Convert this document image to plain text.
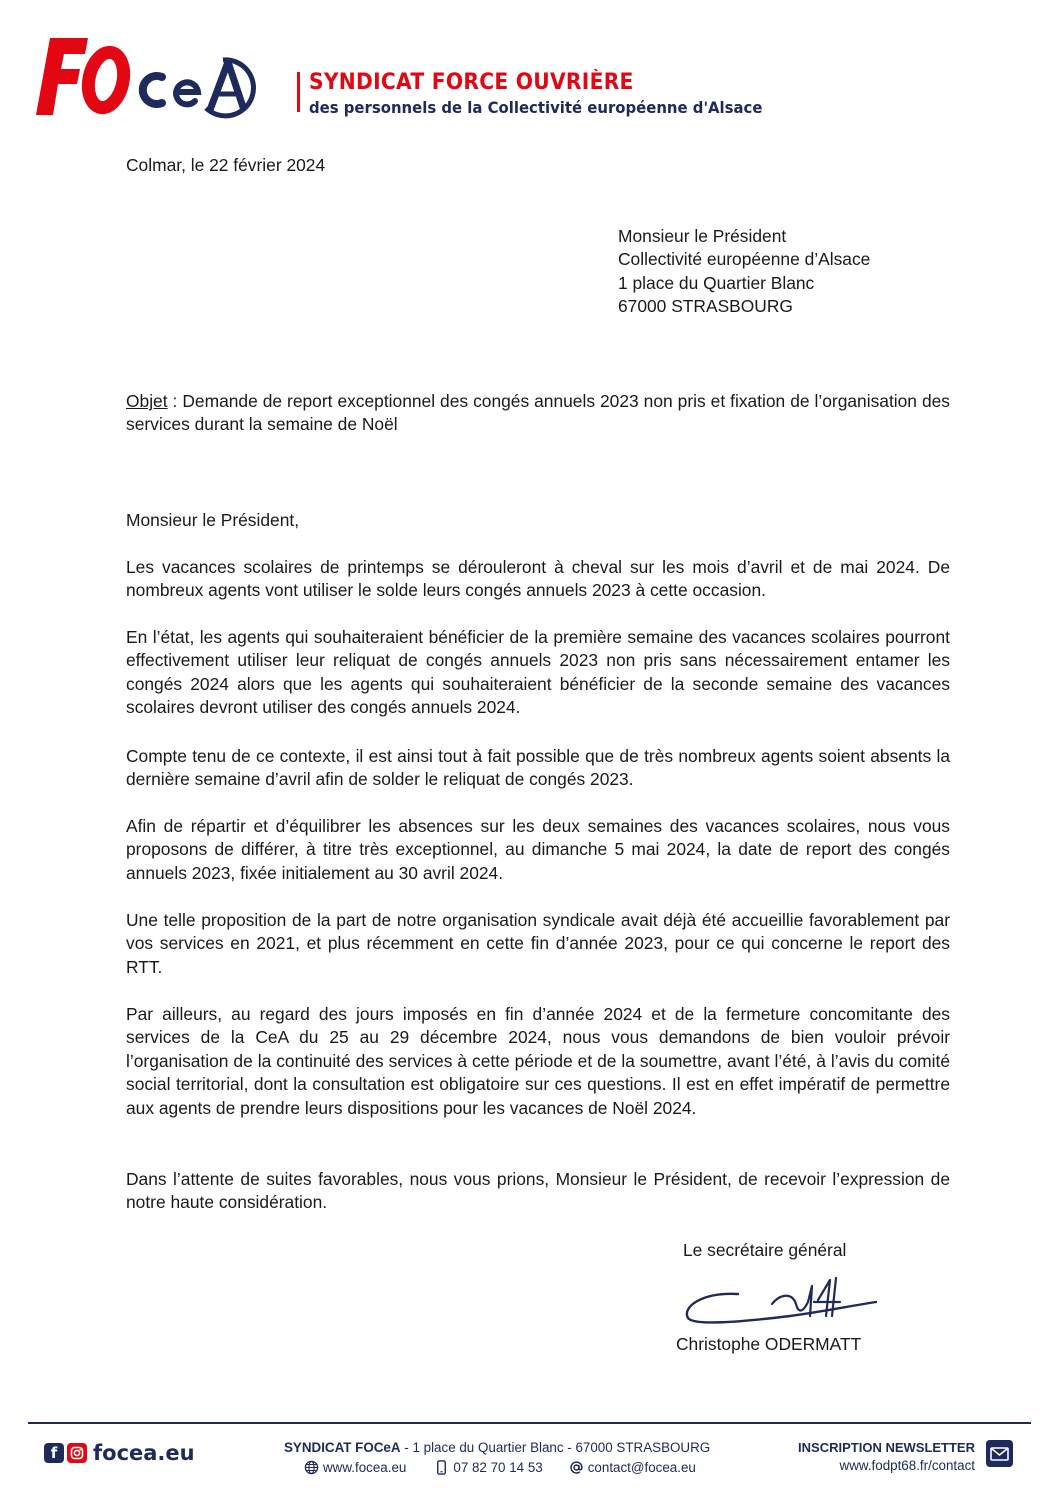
SYNDICAT FORCE OUVRIÈRE
des personnels de la Collectivité européenne d'Alsace
Colmar, le 22 février 2024
Monsieur le Président
Collectivité européenne d’Alsace
1 place du Quartier Blanc
67000 STRASBOURG
Objet : Demande de report exceptionnel des congés annuels 2023 non pris et fixation de l’organisation des services durant la semaine de Noël
Monsieur le Président,
Les vacances scolaires de printemps se dérouleront à cheval sur les mois d’avril et de mai 2024. De nombreux agents vont utiliser le solde leurs congés annuels 2023 à cette occasion.
En l’état, les agents qui souhaiteraient bénéficier de la première semaine des vacances scolaires pourront effectivement utiliser leur reliquat de congés annuels 2023 non pris sans nécessairement entamer les congés 2024 alors que les agents qui souhaiteraient bénéficier de la seconde semaine des vacances scolaires devront utiliser des congés annuels 2024.
Compte tenu de ce contexte, il est ainsi tout à fait possible que de très nombreux agents soient absents la dernière semaine d’avril afin de solder le reliquat de congés 2023.
Afin de répartir et d’équilibrer les absences sur les deux semaines des vacances scolaires, nous vous proposons de différer, à titre très exceptionnel, au dimanche 5 mai 2024, la date de report des congés annuels 2023, fixée initialement au 30 avril 2024.
Une telle proposition de la part de notre organisation syndicale avait déjà été accueillie favorablement par vos services en 2021, et plus récemment en cette fin d’année 2023, pour ce qui concerne le report des RTT.
Par ailleurs, au regard des jours imposés en fin d’année 2024 et de la fermeture concomitante des services de la CeA du 25 au 29 décembre 2024, nous vous demandons de bien vouloir prévoir l’organisation de la continuité des services à cette période et de la soumettre, avant l’été, à l’avis du comité social territorial, dont la consultation est obligatoire sur ces questions. Il est en effet impératif de permettre aux agents de prendre leurs dispositions pour les vacances de Noël 2024.
Dans l’attente de suites favorables, nous vous prions, Monsieur le Président, de recevoir l’expression de notre haute considération.
Le secrétaire général
Christophe ODERMATT
f	focea.eu	SYNDICAT FOCeA - 1 place du Quartier Blanc - 67000 STRASBOURG
www.focea.eu	07 82 70 14 53	contact@focea.eu
INSCRIPTION NEWSLETTER
www.fodpt68.fr/contact
